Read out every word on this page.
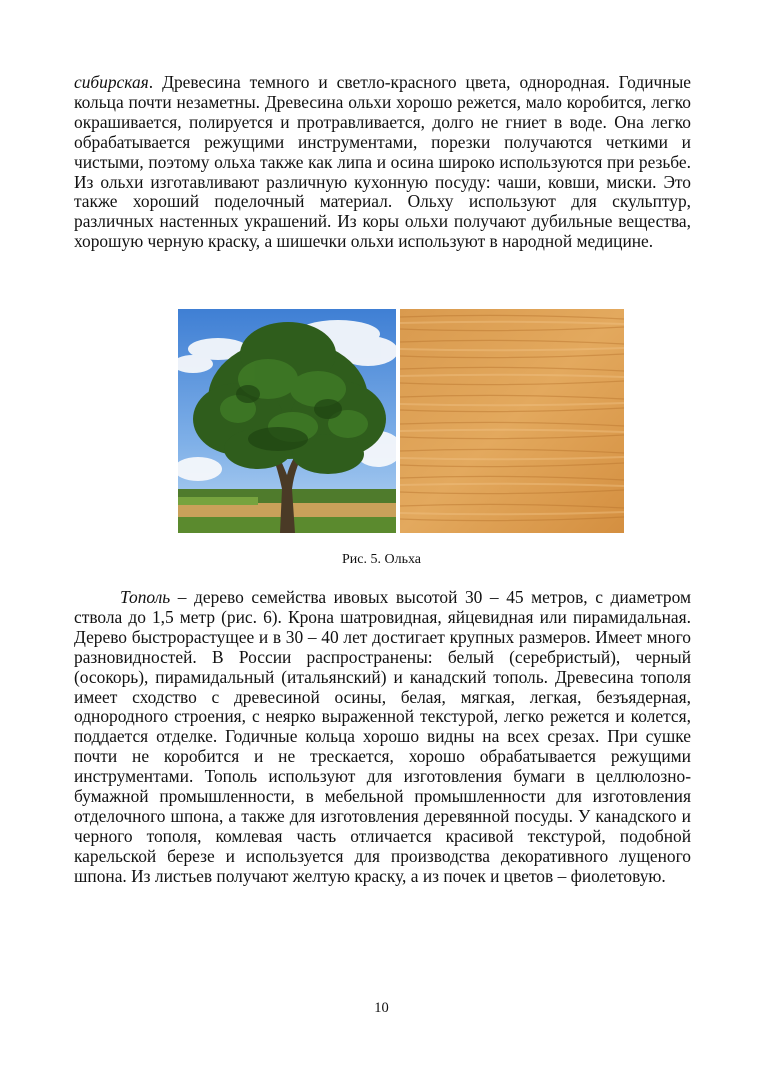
сибирская. Древесина темного и светло-красного цвета, однородная. Годичные кольца почти незаметны. Древесина ольхи хорошо режется, мало коробится, легко окрашивается, полируется и протравливается, долго не гниет в воде. Она легко обрабатывается режущими инструментами, порезки получаются четкими и чистыми, поэтому ольха также как липа и осина широко используются при резьбе. Из ольхи изготавливают различную кухонную посуду: чаши, ковши, миски. Это также хороший поделочный материал. Ольху используют для скульптур, различных настенных украшений. Из коры ольхи получают дубильные вещества, хорошую черную краску, а шишечки ольхи используют в народной медицине.

Рис. 5. Ольха

Тополь – дерево семейства ивовых высотой 30 – 45 метров, с диаметром ствола до 1,5 метр (рис. 6). Крона шатровидная, яйцевидная или пирамидальная. Дерево быстрорастущее и в 30 – 40 лет достигает крупных размеров. Имеет много разновидностей. В России распространены: белый (серебристый), черный (осокорь), пирамидальный (итальянский) и канадский тополь. Древесина тополя имеет сходство с древесиной осины, белая, мягкая, легкая, безъядерная, однородного строения, с неярко выраженной текстурой, легко режется и колется, поддается отделке. Годичные кольца хорошо видны на всех срезах. При сушке почти не коробится и не трескается, хорошо обрабатывается режущими инструментами. Тополь используют для изготовления бумаги в целлюлозно-бумажной промышленности, в мебельной промышленности для изготовления отделочного шпона, а также для изготовления деревянной посуды. У канадского и черного тополя, комлевая часть отличается красивой текстурой, подобной карельской березе и используется для производства декоративного лущеного шпона. Из листьев получают желтую краску, а из почек и цветов – фиолетовую.

10
